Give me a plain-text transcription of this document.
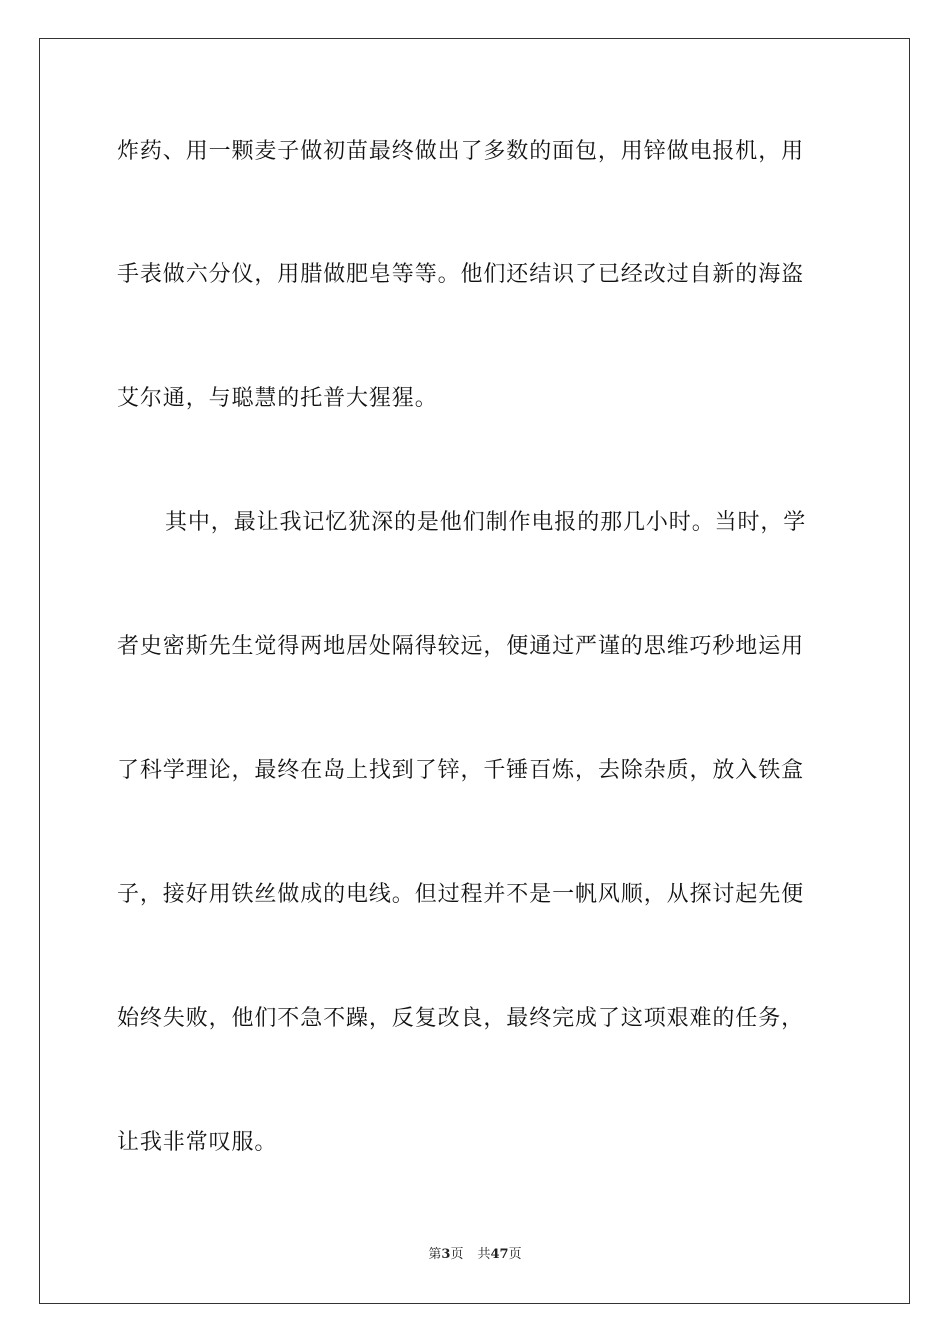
炸药、用一颗麦子做初苗最终做出了多数的面包，用锌做电报机，用
手表做六分仪，用腊做肥皂等等。他们还结识了已经改过自新的海盗
艾尔通，与聪慧的托普大猩猩。
其中，最让我记忆犹深的是他们制作电报的那几小时。当时，学
者史密斯先生觉得两地居处隔得较远，便通过严谨的思维巧秒地运用
了科学理论，最终在岛上找到了锌，千锤百炼，去除杂质，放入铁盒
子，接好用铁丝做成的电线。但过程并不是一帆风顺，从探讨起先便
始终失败，他们不急不躁，反复改良，最终完成了这项艰难的任务，
让我非常叹服。
第3页 共47页
